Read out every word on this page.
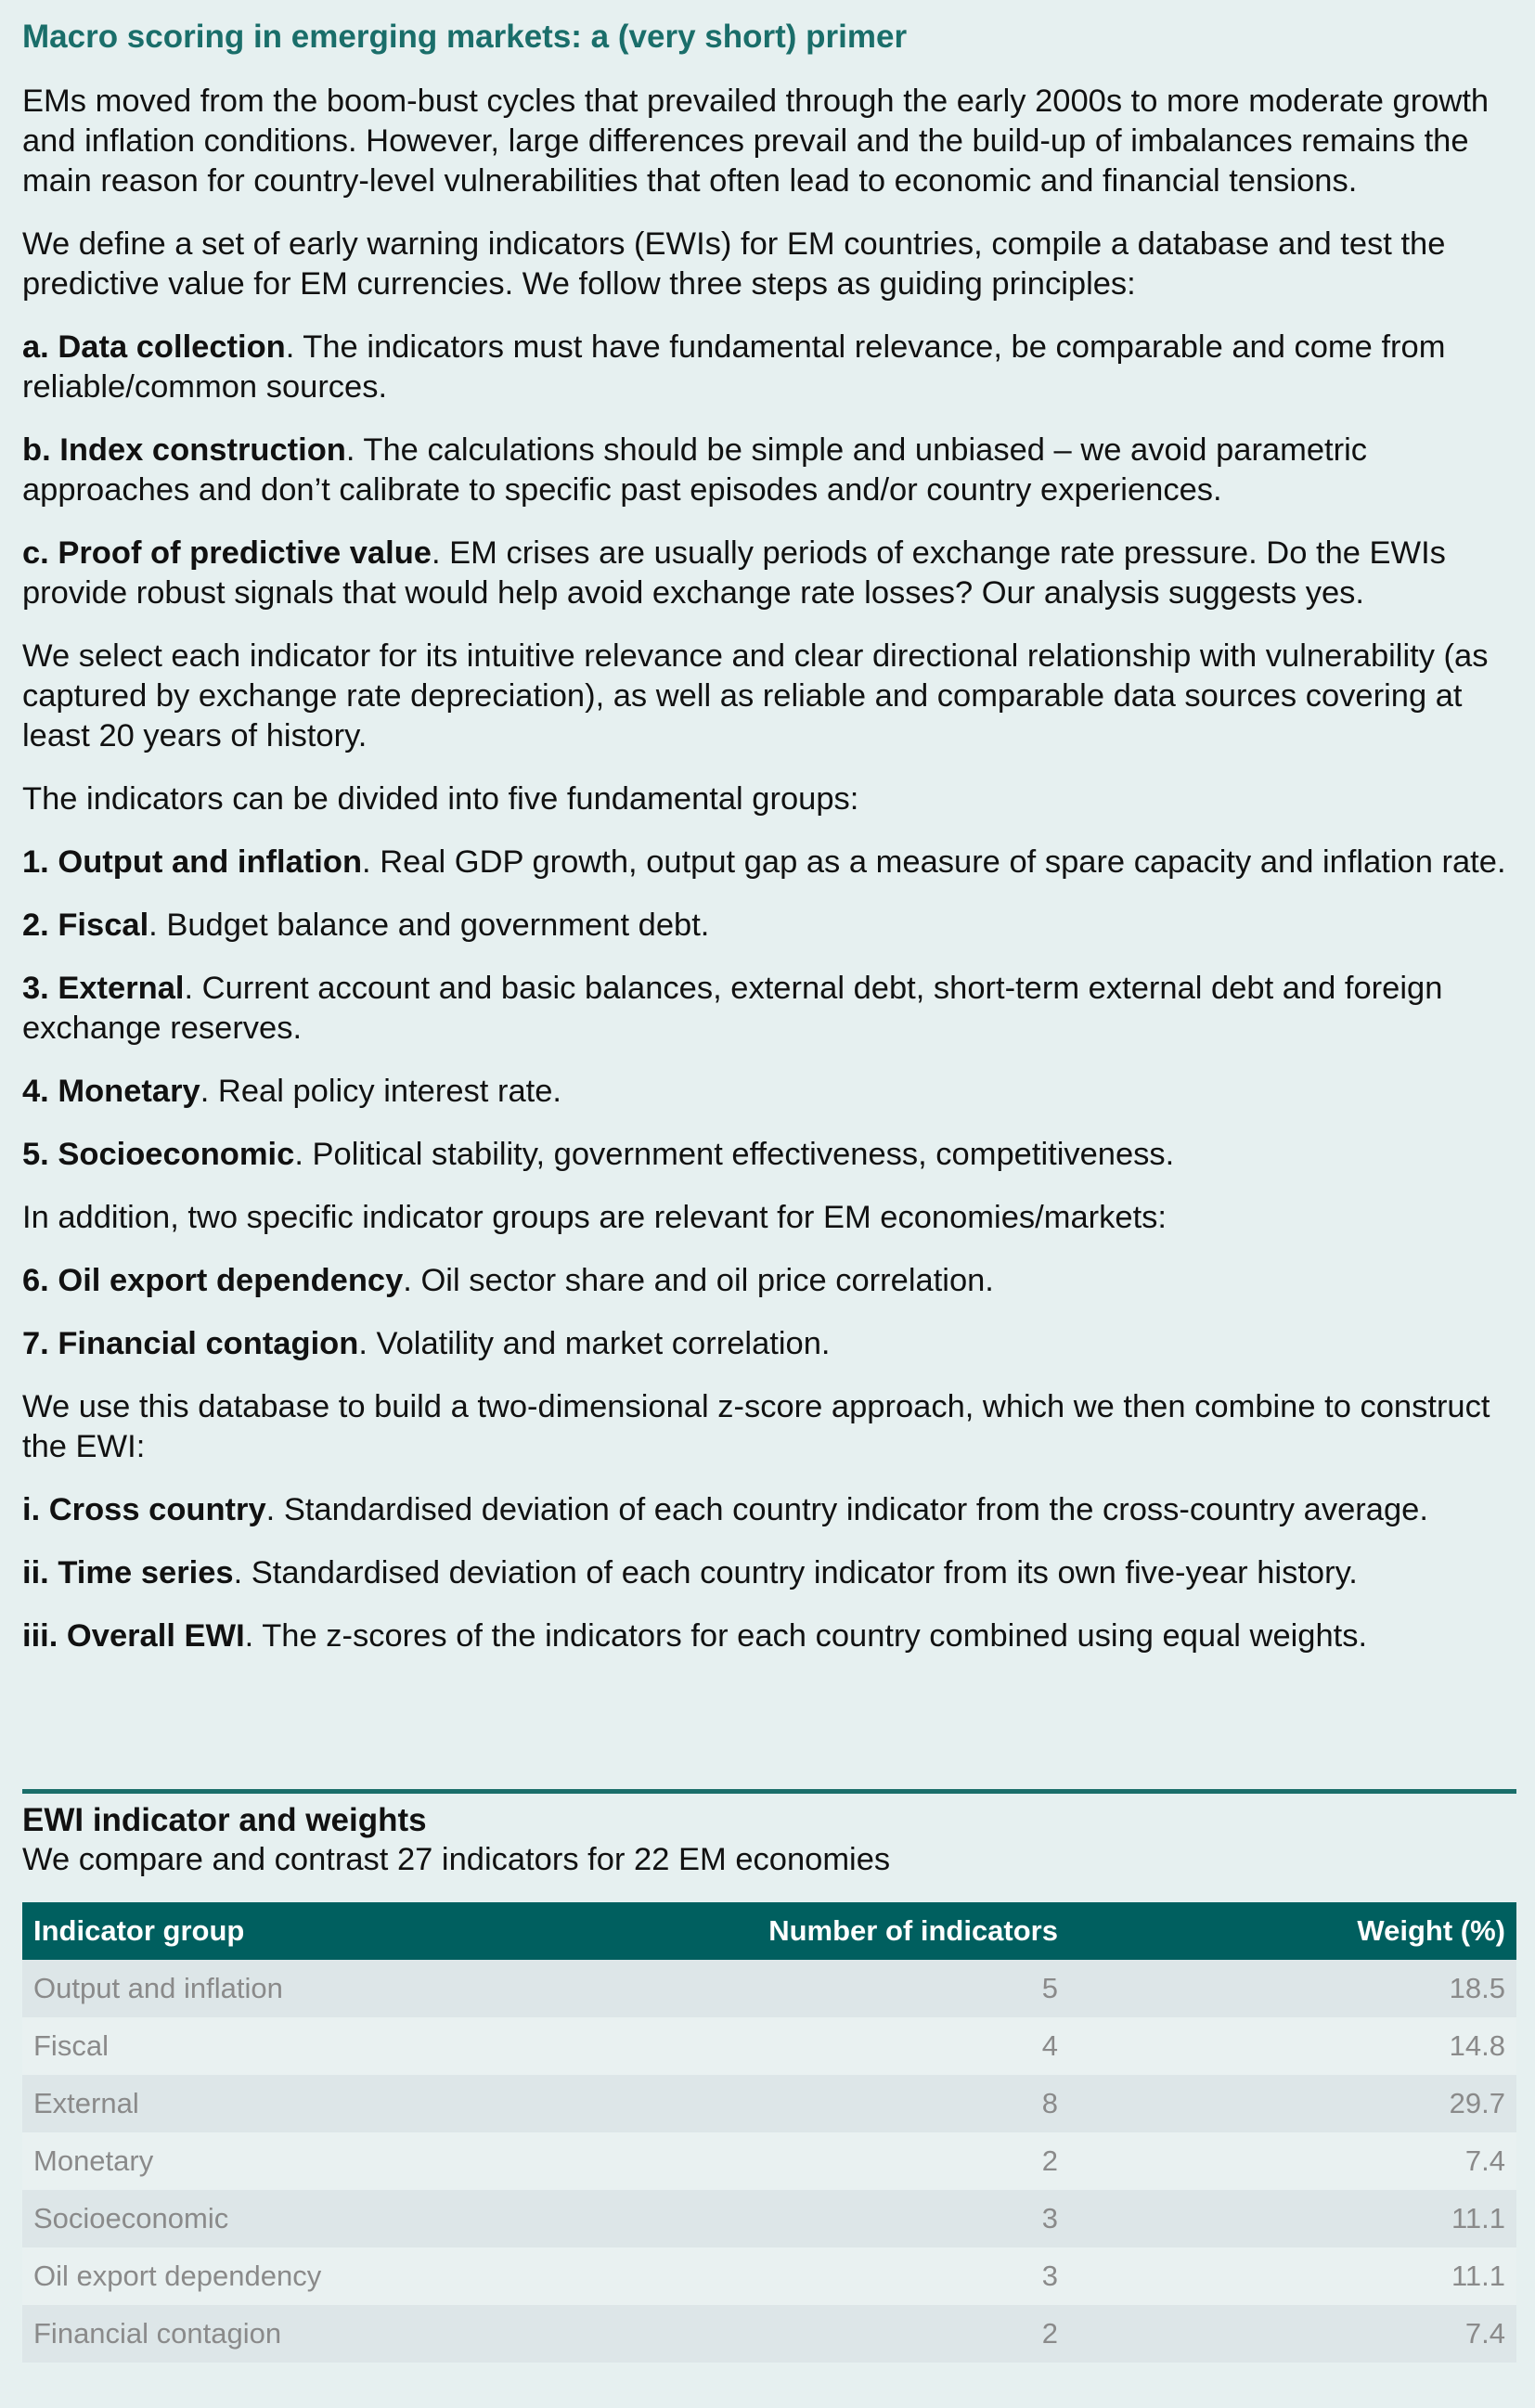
Macro scoring in emerging markets: a (very short) primer

EMs moved from the boom-bust cycles that prevailed through the early 2000s to more moderate growth and inflation conditions. However, large differences prevail and the build-up of imbalances remains the main reason for country-level vulnerabilities that often lead to economic and financial tensions.

We define a set of early warning indicators (EWIs) for EM countries, compile a database and test the predictive value for EM currencies. We follow three steps as guiding principles:

a. Data collection. The indicators must have fundamental relevance, be comparable and come from reliable/common sources.

b. Index construction. The calculations should be simple and unbiased – we avoid parametric approaches and don’t calibrate to specific past episodes and/or country experiences.

c. Proof of predictive value. EM crises are usually periods of exchange rate pressure. Do the EWIs provide robust signals that would help avoid exchange rate losses? Our analysis suggests yes.

We select each indicator for its intuitive relevance and clear directional relationship with vulnerability (as captured by exchange rate depreciation), as well as reliable and comparable data sources covering at least 20 years of history.

The indicators can be divided into five fundamental groups:

1. Output and inflation. Real GDP growth, output gap as a measure of spare capacity and inflation rate.

2. Fiscal. Budget balance and government debt.

3. External. Current account and basic balances, external debt, short-term external debt and foreign exchange reserves.

4. Monetary. Real policy interest rate.

5. Socioeconomic. Political stability, government effectiveness, competitiveness.

In addition, two specific indicator groups are relevant for EM economies/markets:

6. Oil export dependency. Oil sector share and oil price correlation.

7. Financial contagion. Volatility and market correlation.

We use this database to build a two-dimensional z-score approach, which we then combine to construct the EWI:

i. Cross country. Standardised deviation of each country indicator from the cross-country average.

ii. Time series. Standardised deviation of each country indicator from its own five-year history.

iii. Overall EWI. The z-scores of the indicators for each country combined using equal weights.

EWI indicator and weights
We compare and contrast 27 indicators for 22 EM economies
Indicator group	Number of indicators	Weight (%)
Output and inflation	5	18.5
Fiscal	4	14.8
External	8	29.7
Monetary	2	7.4
Socioeconomic	3	11.1
Oil export dependency	3	11.1
Financial contagion	2	7.4
